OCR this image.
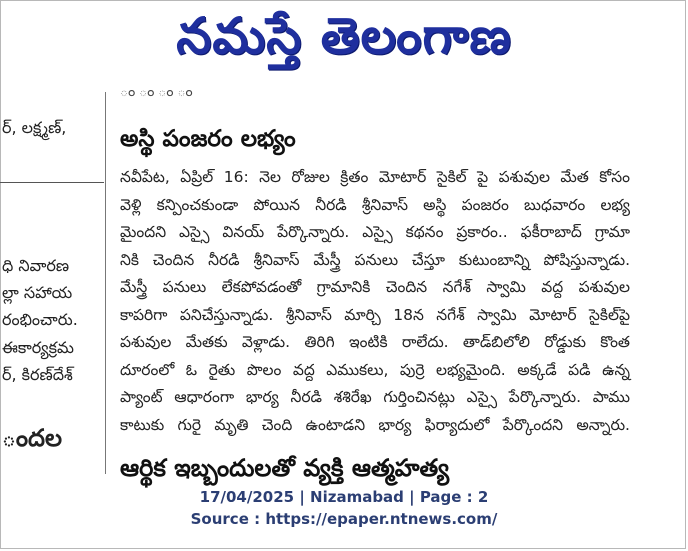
నమస్తే తెలంగాణ
ర్, లక్ష్మణ్,
ధి నివారణ
ల్లా సహాయ
రంభించారు.
ఈకార్యక్రమ
ర్, కిరణ్‌దేశ్
ందల
ం ం ం ం
అస్థి పంజరం లభ్యం
నవీపేట, ఏప్రిల్ 16: నెల రోజుల క్రితం మోటార్ సైకిల్ పై పశువుల మేత కోసం
వెళ్లి కన్పించకుండా పోయిన నీరడి శ్రీనివాస్ అస్థి పంజరం బుధవారం లభ్య
మైందని ఎస్సై వినయ్ పేర్కొన్నారు. ఎస్సై కథనం ప్రకారం.. ఫకీరాబాద్ గ్రామా
నికి చెందిన నీరడి శ్రీనివాస్ మేస్త్రీ పనులు చేస్తూ కుటుంబాన్ని పోషిస్తున్నాడు.
మేస్త్రీ పనులు లేకపోవడంతో గ్రామానికి చెందిన నగేశ్ స్వామి వద్ద పశువుల
కాపరిగా పనిచేస్తున్నాడు. శ్రీనివాస్ మార్చి 18న నగేశ్ స్వామి మోటార్ సైకిల్‌పై
పశువుల మేతకు వెళ్లాడు. తిరిగి ఇంటికి రాలేదు. తాడ్‌బిలోలి రోడ్డుకు కొంత
దూరంలో ఓ రైతు పొలం వద్ద ఎముకలు, పుర్రె లభ్యమైంది. అక్కడే పడి ఉన్న
ప్యాంట్ ఆధారంగా భార్య నీరడి శశిరేఖ గుర్తించినట్లు ఎస్సై పేర్కొన్నారు. పాము
కాటుకు గురై మృతి చెంది ఉంటాడని భార్య ఫిర్యాదులో పేర్కొందని అన్నారు.
ఆర్థిక ఇబ్బందులతో వ్యక్తి ఆత్మహత్య
17/04/2025 | Nizamabad | Page : 2
Source : https://epaper.ntnews.com/
